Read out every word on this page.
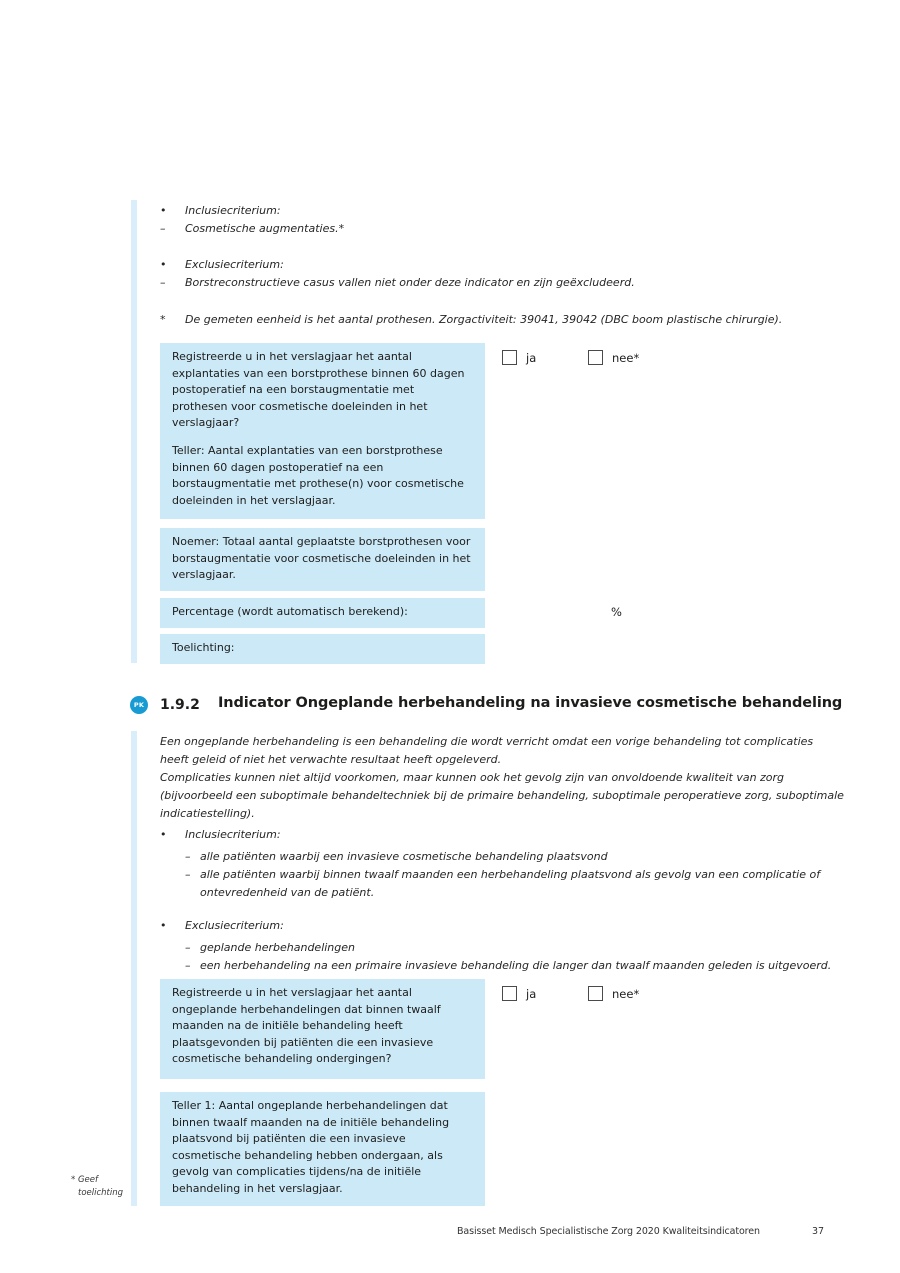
•	Inclusiecriterium:
–	Cosmetische augmentaties.*
•	Exclusiecriterium:
–	Borstreconstructieve casus vallen niet onder deze indicator en zijn geëxcludeerd.
*	De gemeten eenheid is het aantal prothesen. Zorgactiviteit: 39041, 39042 (DBC boom plastische chirurgie).
Registreerde u in het verslagjaar het aantal explantaties van een borstprothese binnen 60 dagen postoperatief na een borstaugmentatie met prothesen voor cosmetische doeleinden in het verslagjaar?
ja	nee*
Teller: Aantal explantaties van een borstprothese binnen 60 dagen postoperatief na een borstaugmentatie met prothese(n) voor cosmetische doeleinden in het verslagjaar.
Noemer: Totaal aantal geplaatste borstprothesen voor borstaugmentatie voor cosmetische doeleinden in het verslagjaar.
Percentage (wordt automatisch berekend):	%
Toelichting:
PK 1.9.2 Indicator Ongeplande herbehandeling na invasieve cosmetische behandeling
Een ongeplande herbehandeling is een behandeling die wordt verricht omdat een vorige behandeling tot complicaties heeft geleid of niet het verwachte resultaat heeft opgeleverd.
Complicaties kunnen niet altijd voorkomen, maar kunnen ook het gevolg zijn van onvoldoende kwaliteit van zorg (bijvoorbeeld een suboptimale behandeltechniek bij de primaire behandeling, suboptimale peroperatieve zorg, suboptimale indicatiestelling).
•	Inclusiecriterium:
– alle patiënten waarbij een invasieve cosmetische behandeling plaatsvond
– alle patiënten waarbij binnen twaalf maanden een herbehandeling plaatsvond als gevolg van een complicatie of ontevredenheid van de patiënt.
•	Exclusiecriterium:
– geplande herbehandelingen
– een herbehandeling na een primaire invasieve behandeling die langer dan twaalf maanden geleden is uitgevoerd.
Registreerde u in het verslagjaar het aantal ongeplande herbehandelingen dat binnen twaalf maanden na de initiële behandeling heeft plaatsgevonden bij patiënten die een invasieve cosmetische behandeling ondergingen?
ja	nee*
Teller 1: Aantal ongeplande herbehandelingen dat binnen twaalf maanden na de initiële behandeling plaatsvond bij patiënten die een invasieve cosmetische behandeling hebben ondergaan, als gevolg van complicaties tijdens/na de initiële behandeling in het verslagjaar.
* Geef
toelichting
Basisset Medisch Specialistische Zorg 2020 Kwaliteitsindicatoren	37
